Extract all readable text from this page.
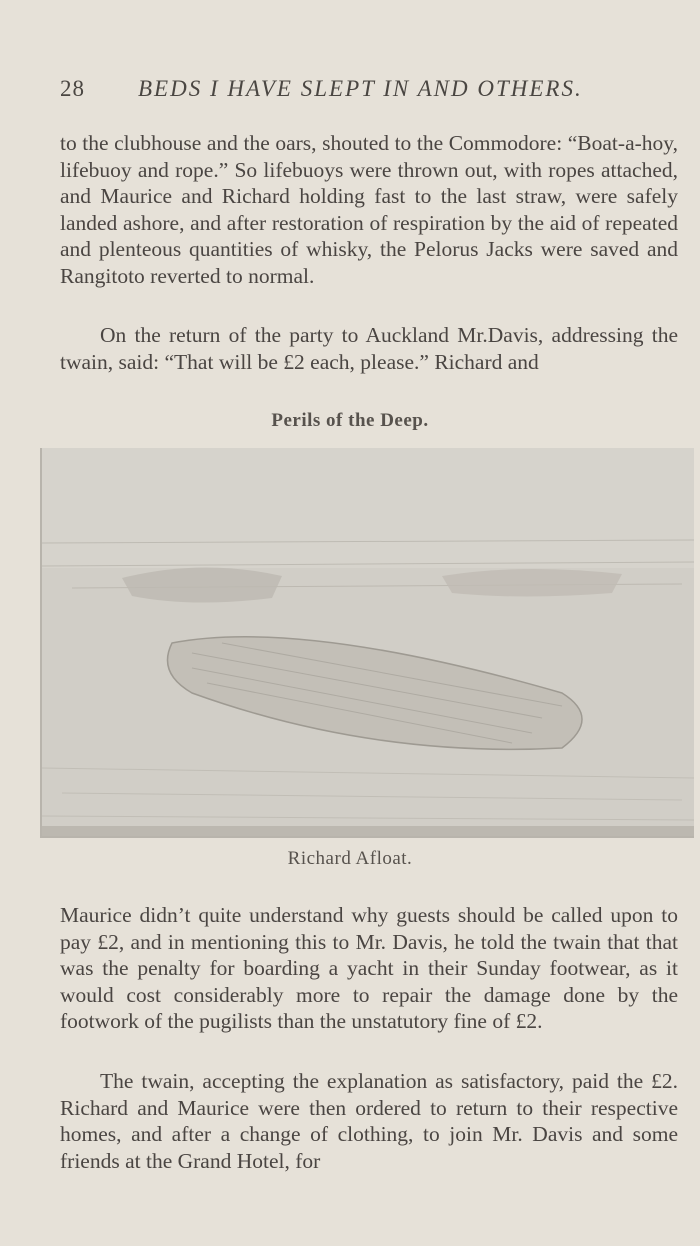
28 BEDS I HAVE SLEPT IN AND OTHERS.
to the clubhouse and the oars, shouted to the Commodore: “Boat-a-hoy, lifebuoy and rope.” So lifebuoys were thrown out, with ropes attached, and Maurice and Richard holding fast to the last straw, were safely landed ashore, and after restoration of respiration by the aid of repeated and plenteous quantities of whisky, the Pelorus Jacks were saved and Rangitoto reverted to normal.
On the return of the party to Auckland Mr.Davis, addressing the twain, said: “That will be £2 each, please.” Richard and
Perils of the Deep.
Richard Afloat.
Maurice didn’t quite understand why guests should be called upon to pay £2, and in mentioning this to Mr. Davis, he told the twain that that was the penalty for boarding a yacht in their Sunday footwear, as it would cost considerably more to repair the damage done by the footwork of the pugilists than the unstatutory fine of £2.
The twain, accepting the explanation as satisfactory, paid the £2. Richard and Maurice were then ordered to return to their respective homes, and after a change of clothing, to join Mr. Davis and some friends at the Grand Hotel, for
